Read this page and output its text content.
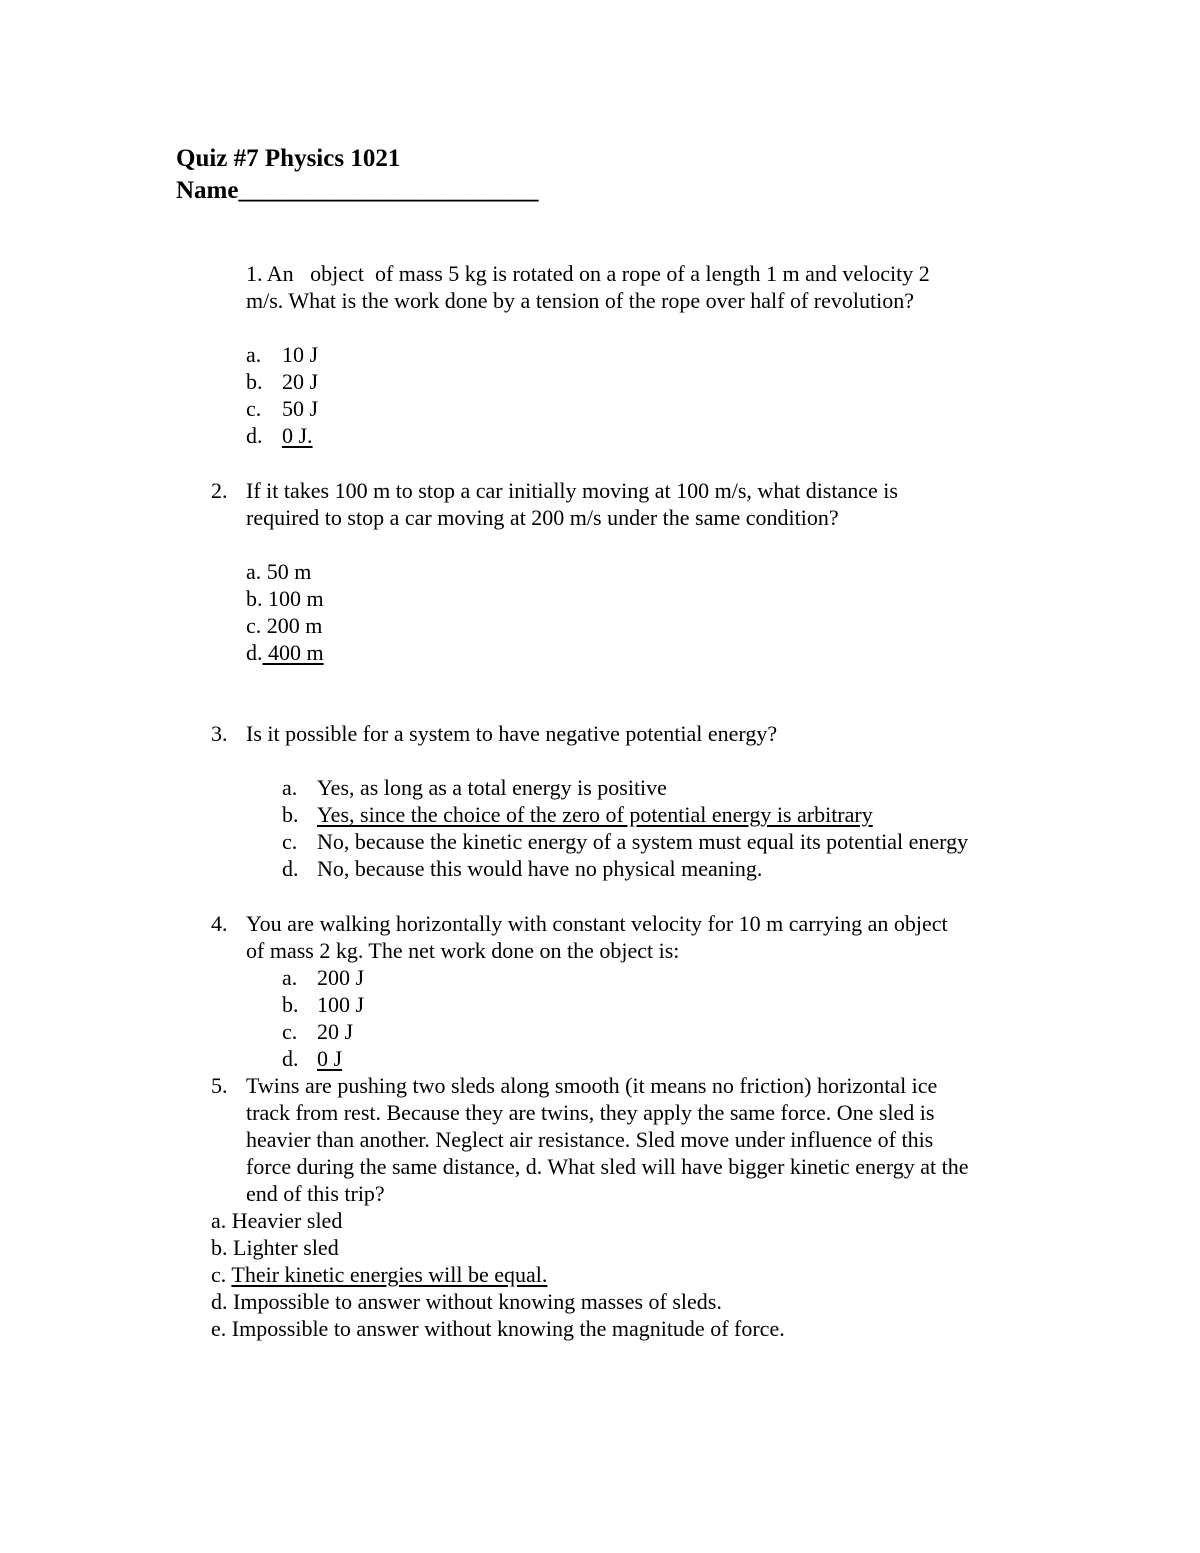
Quiz #7 Physics 1021
Name________________________
1. An   object  of mass 5 kg is rotated on a rope of a length 1 m and velocity 2
m/s. What is the work done by a tension of the rope over half of revolution?
a. 10 J
b. 20 J
c. 50 J
d. 0 J.
2. If it takes 100 m to stop a car initially moving at 100 m/s, what distance is
required to stop a car moving at 200 m/s under the same condition?
a. 50 m
b. 100 m
c. 200 m
d. 400 m
3. Is it possible for a system to have negative potential energy?
a. Yes, as long as a total energy is positive
b. Yes, since the choice of the zero of potential energy is arbitrary
c. No, because the kinetic energy of a system must equal its potential energy
d. No, because this would have no physical meaning.
4. You are walking horizontally with constant velocity for 10 m carrying an object
of mass 2 kg. The net work done on the object is:
a. 200 J
b. 100 J
c. 20 J
d. 0 J
5. Twins are pushing two sleds along smooth (it means no friction) horizontal ice
track from rest. Because they are twins, they apply the same force. One sled is
heavier than another. Neglect air resistance. Sled move under influence of this
force during the same distance, d. What sled will have bigger kinetic energy at the
end of this trip?
a. Heavier sled
b. Lighter sled
c. Their kinetic energies will be equal.
d. Impossible to answer without knowing masses of sleds.
e. Impossible to answer without knowing the magnitude of force.
